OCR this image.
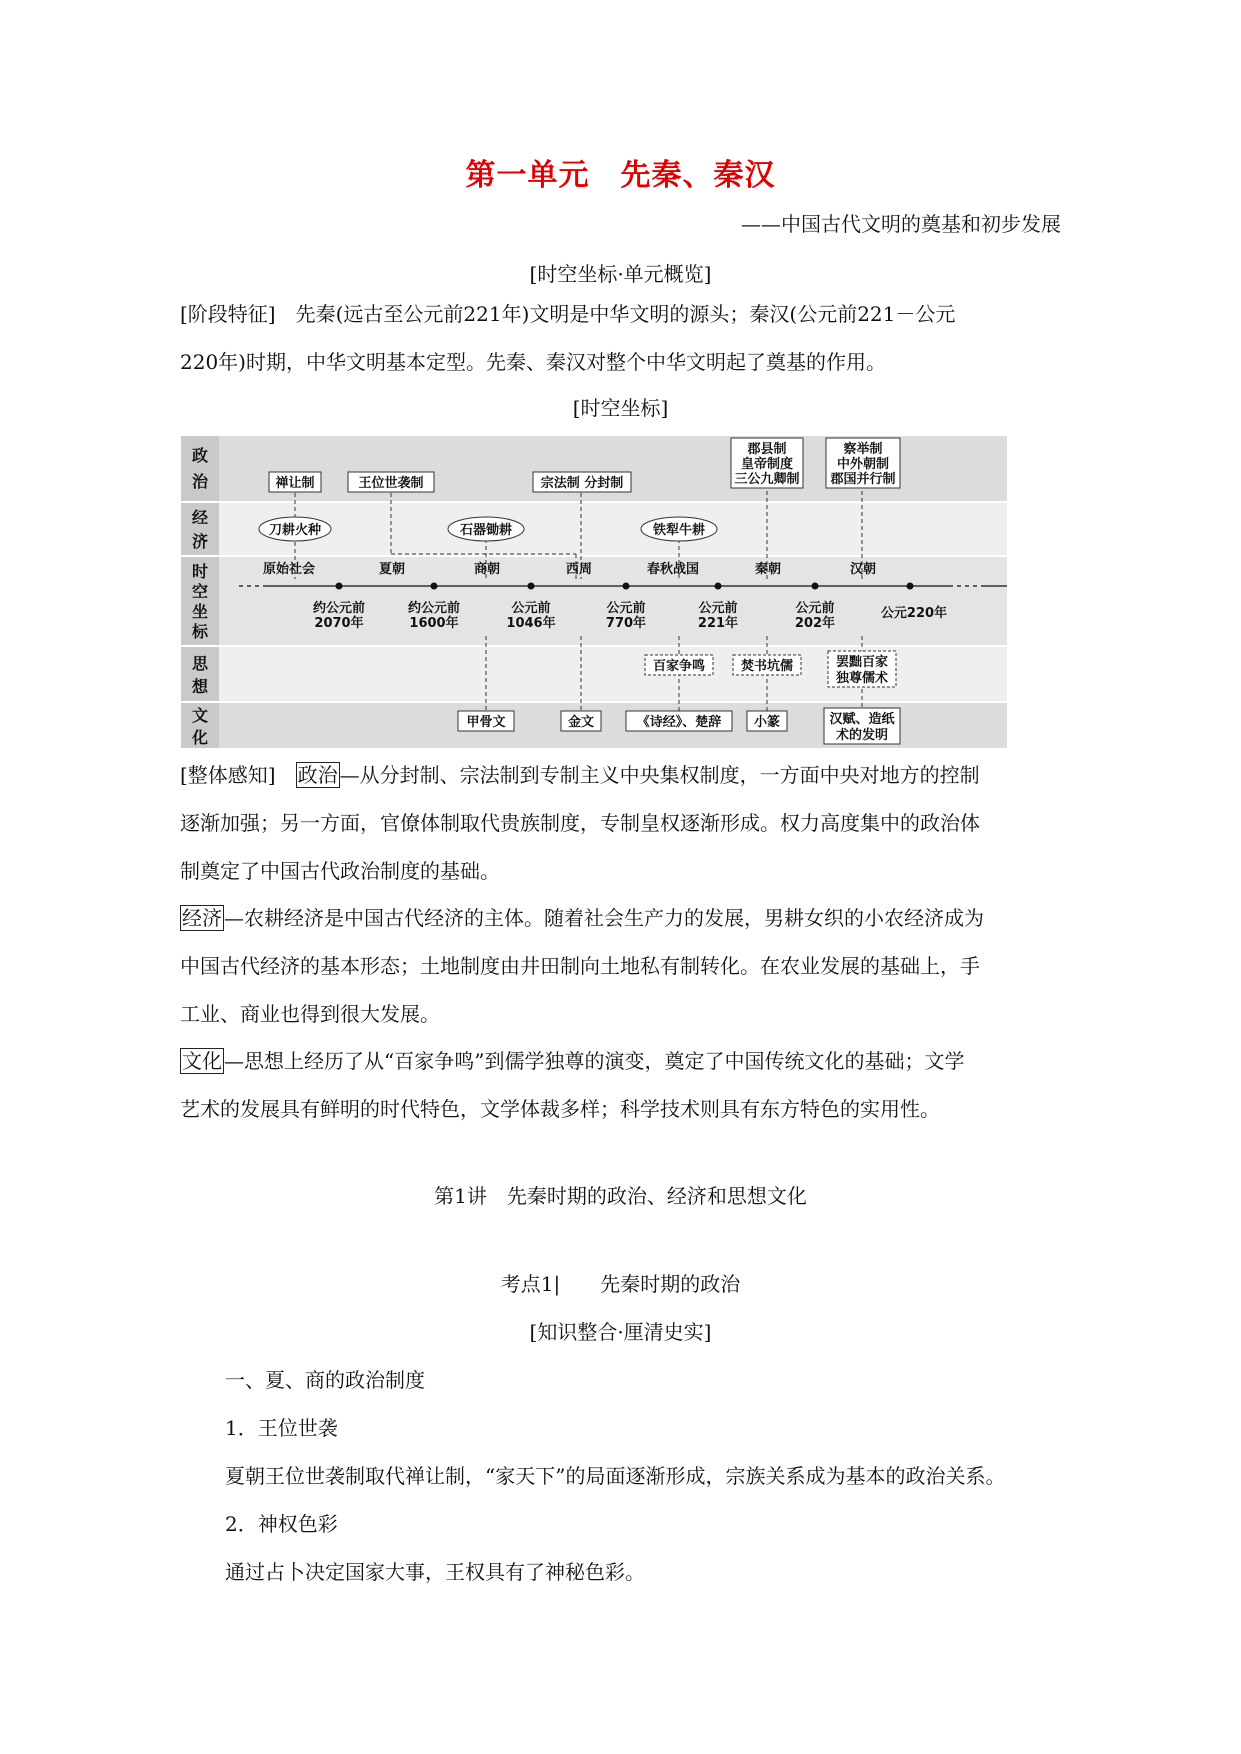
第一单元　先秦、秦汉
——中国古代文明的奠基和初步发展
[时空坐标·单元概览]
[阶段特征]　先秦(远古至公元前221年)文明是中华文明的源头；秦汉(公元前221－公元
220年)时期，中华文明基本定型。先秦、秦汉对整个中华文明起了奠基的作用。
[时空坐标]
政
治
经
济
时
空
坐
标
思
想
文
化
禅让制	王位世袭制	宗法制 分封制
郡县制
皇帝制度
三公九卿制
察举制
中外朝制
郡国并行制
刀耕火种	石器锄耕	铁犁牛耕
原始社会	夏朝	商朝	西周	春秋战国	秦朝	汉朝
约公元前
2070年
约公元前
1600年
公元前
1046年
公元前
770年
公元前
221年
公元前
202年
公元220年
百家争鸣	焚书坑儒	罢黜百家
独尊儒术
甲骨文	金文	《诗经》、楚辞	小篆	汉赋、造纸
术的发明
[整体感知]　 政治 —从分封制、宗法制到专制主义中央集权制度，一方面中央对地方的控制
逐渐加强；另一方面，官僚体制取代贵族制度，专制皇权逐渐形成。权力高度集中的政治体
制奠定了中国古代政治制度的基础。
经济 —农耕经济是中国古代经济的主体。随着社会生产力的发展，男耕女织的小农经济成为
中国古代经济的基本形态；土地制度由井田制向土地私有制转化。在农业发展的基础上，手
工业、商业也得到很大发展。
文化 —思想上经历了从“百家争鸣”到儒学独尊的演变，奠定了中国传统文化的基础；文学
艺术的发展具有鲜明的时代特色，文学体裁多样；科学技术则具有东方特色的实用性。
第1讲　先秦时期的政治、经济和思想文化
考点1|　　先秦时期的政治
[知识整合·厘清史实]
一、夏、商的政治制度
1．王位世袭
夏朝王位世袭制取代禅让制，“家天下”的局面逐渐形成，宗族关系成为基本的政治关系。
2．神权色彩
通过占卜决定国家大事，王权具有了神秘色彩。
